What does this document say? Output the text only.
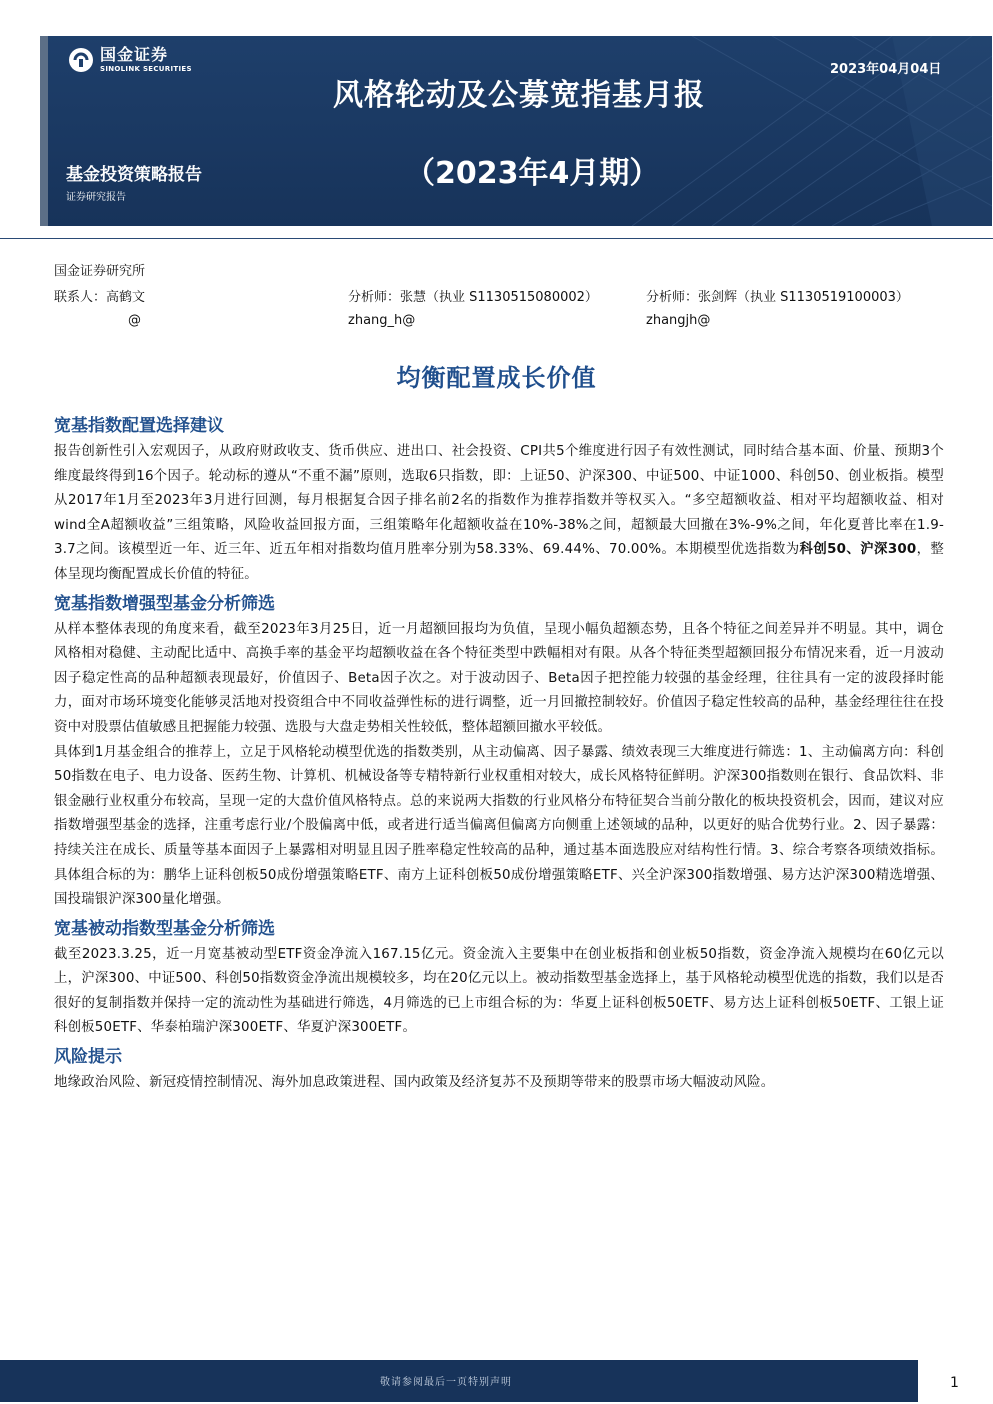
国金证券
SINOLINK SECURITIES	2023年04月04日
风格轮动及公募宽指基月报
（2023年4月期）
基金投资策略报告
证券研究报告
国金证券研究所
联系人：高鹤文
@
分析师：张慧（执业 S1130515080002）
zhang_h@
分析师：张剑辉（执业 S1130519100003）
zhangjh@
均衡配置成长价值
宽基指数配置选择建议

报告创新性引入宏观因子，从政府财政收支、货币供应、进出口、社会投资、CPI共5个维度进行因子有效性测试，同时结合基本面、价量、预期3个维度最终得到16个因子。轮动标的遵从“不重不漏”原则，选取6只指数，即：上证50、沪深300、中证500、中证1000、科创50、创业板指。模型从2017年1月至2023年3月进行回测，每月根据复合因子排名前2名的指数作为推荐指数并等权买入。“多空超额收益、相对平均超额收益、相对wind全A超额收益”三组策略，风险收益回报方面，三组策略年化超额收益在10%-38%之间，超额最大回撤在3%-9%之间，年化夏普比率在1.9-3.7之间。该模型近一年、近三年、近五年相对指数均值月胜率分别为58.33%、69.44%、70.00%。本期模型优选指数为科创50、沪深300，整体呈现均衡配置成长价值的特征。

宽基指数增强型基金分析筛选

从样本整体表现的角度来看，截至2023年3月25日，近一月超额回报均为负值，呈现小幅负超额态势，且各个特征之间差异并不明显。其中，调仓风格相对稳健、主动配比适中、高换手率的基金平均超额收益在各个特征类型中跌幅相对有限。从各个特征类型超额回报分布情况来看，近一月波动因子稳定性高的品种超额表现最好，价值因子、Beta因子次之。对于波动因子、Beta因子把控能力较强的基金经理，往往具有一定的波段择时能力，面对市场环境变化能够灵活地对投资组合中不同收益弹性标的进行调整，近一月回撤控制较好。价值因子稳定性较高的品种，基金经理往往在投资中对股票估值敏感且把握能力较强、选股与大盘走势相关性较低，整体超额回撤水平较低。

具体到1月基金组合的推荐上，立足于风格轮动模型优选的指数类别，从主动偏离、因子暴露、绩效表现三大维度进行筛选：1、主动偏离方向：科创50指数在电子、电力设备、医药生物、计算机、机械设备等专精特新行业权重相对较大，成长风格特征鲜明。沪深300指数则在银行、食品饮料、非银金融行业权重分布较高，呈现一定的大盘价值风格特点。总的来说两大指数的行业风格分布特征契合当前分散化的板块投资机会，因而，建议对应指数增强型基金的选择，注重考虑行业/个股偏离中低，或者进行适当偏离但偏离方向侧重上述领域的品种，以更好的贴合优势行业。2、因子暴露：持续关注在成长、质量等基本面因子上暴露相对明显且因子胜率稳定性较高的品种，通过基本面选股应对结构性行情。3、综合考察各项绩效指标。具体组合标的为：鹏华上证科创板50成份增强策略ETF、南方上证科创板50成份增强策略ETF、兴全沪深300指数增强、易方达沪深300精选增强、国投瑞银沪深300量化增强。

宽基被动指数型基金分析筛选

截至2023.3.25，近一月宽基被动型ETF资金净流入167.15亿元。资金流入主要集中在创业板指和创业板50指数，资金净流入规模均在60亿元以上，沪深300、中证500、科创50指数资金净流出规模较多，均在20亿元以上。被动指数型基金选择上，基于风格轮动模型优选的指数，我们以是否很好的复制指数并保持一定的流动性为基础进行筛选，4月筛选的已上市组合标的为：华夏上证科创板50ETF、易方达上证科创板50ETF、工银上证科创板50ETF、华泰柏瑞沪深300ETF、华夏沪深300ETF。

风险提示

地缘政治风险、新冠疫情控制情况、海外加息政策进程、国内政策及经济复苏不及预期等带来的股票市场大幅波动风险。

敬请参阅最后一页特别声明	1
